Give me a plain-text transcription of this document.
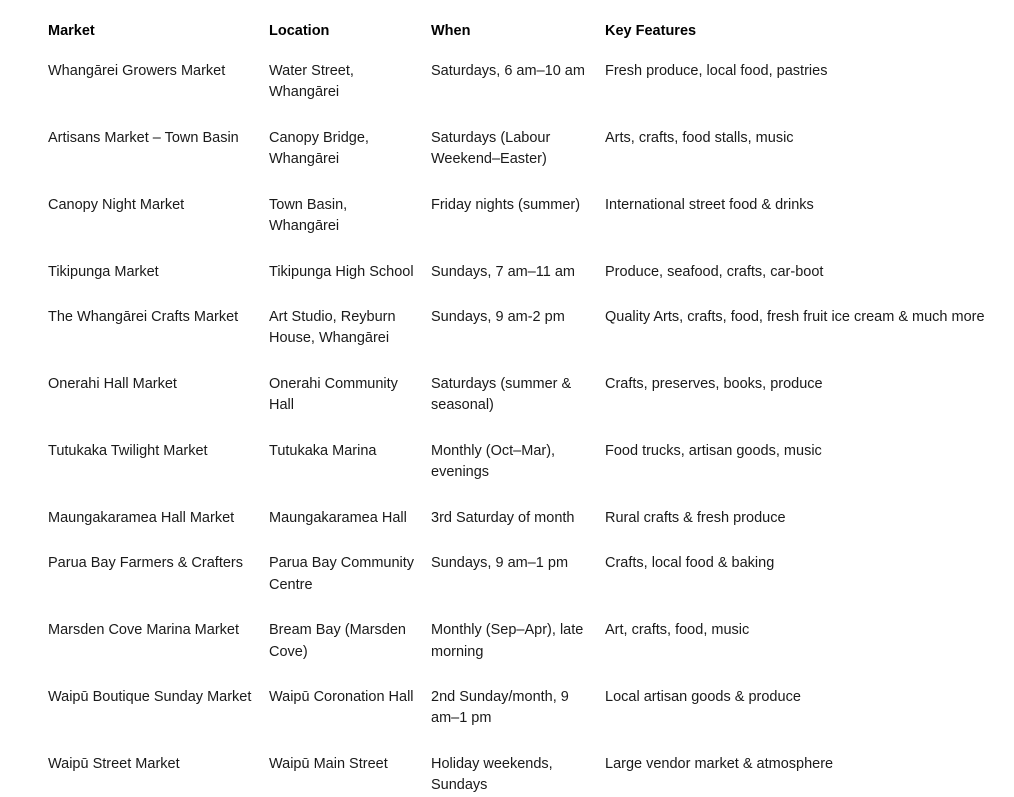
Market	Location	When	Key Features

Whangārei Growers Market	Water Street, Whangārei	Saturdays, 6 am–10 am	Fresh produce, local food, pastries

Artisans Market – Town Basin	Canopy Bridge, Whangārei	Saturdays (Labour Weekend–Easter)	Arts, crafts, food stalls, music

Canopy Night Market	Town Basin, Whangārei	Friday nights (summer)	International street food & drinks

Tikipunga Market	Tikipunga High School	Sundays, 7 am–11 am	Produce, seafood, crafts, car-boot

The Whangārei Crafts Market	Art Studio, Reyburn House, Whangārei	Sundays, 9 am-2 pm	Quality Arts, crafts, food, fresh fruit ice cream & much more

Onerahi Hall Market	Onerahi Community Hall	Saturdays (summer & seasonal)	Crafts, preserves, books, produce

Tutukaka Twilight Market	Tutukaka Marina	Monthly (Oct–Mar), evenings	Food trucks, artisan goods, music

Maungakaramea Hall Market	Maungakaramea Hall	3rd Saturday of month	Rural crafts & fresh produce

Parua Bay Farmers & Crafters	Parua Bay Community Centre	Sundays, 9 am–1 pm	Crafts, local food & baking

Marsden Cove Marina Market	Bream Bay (Marsden Cove)	Monthly (Sep–Apr), late morning	Art, crafts, food, music

Waipū Boutique Sunday Market	Waipū Coronation Hall	2nd Sunday/month, 9 am–1 pm	Local artisan goods & produce

Waipū Street Market	Waipū Main Street	Holiday weekends, Sundays	Large vendor market & atmosphere
